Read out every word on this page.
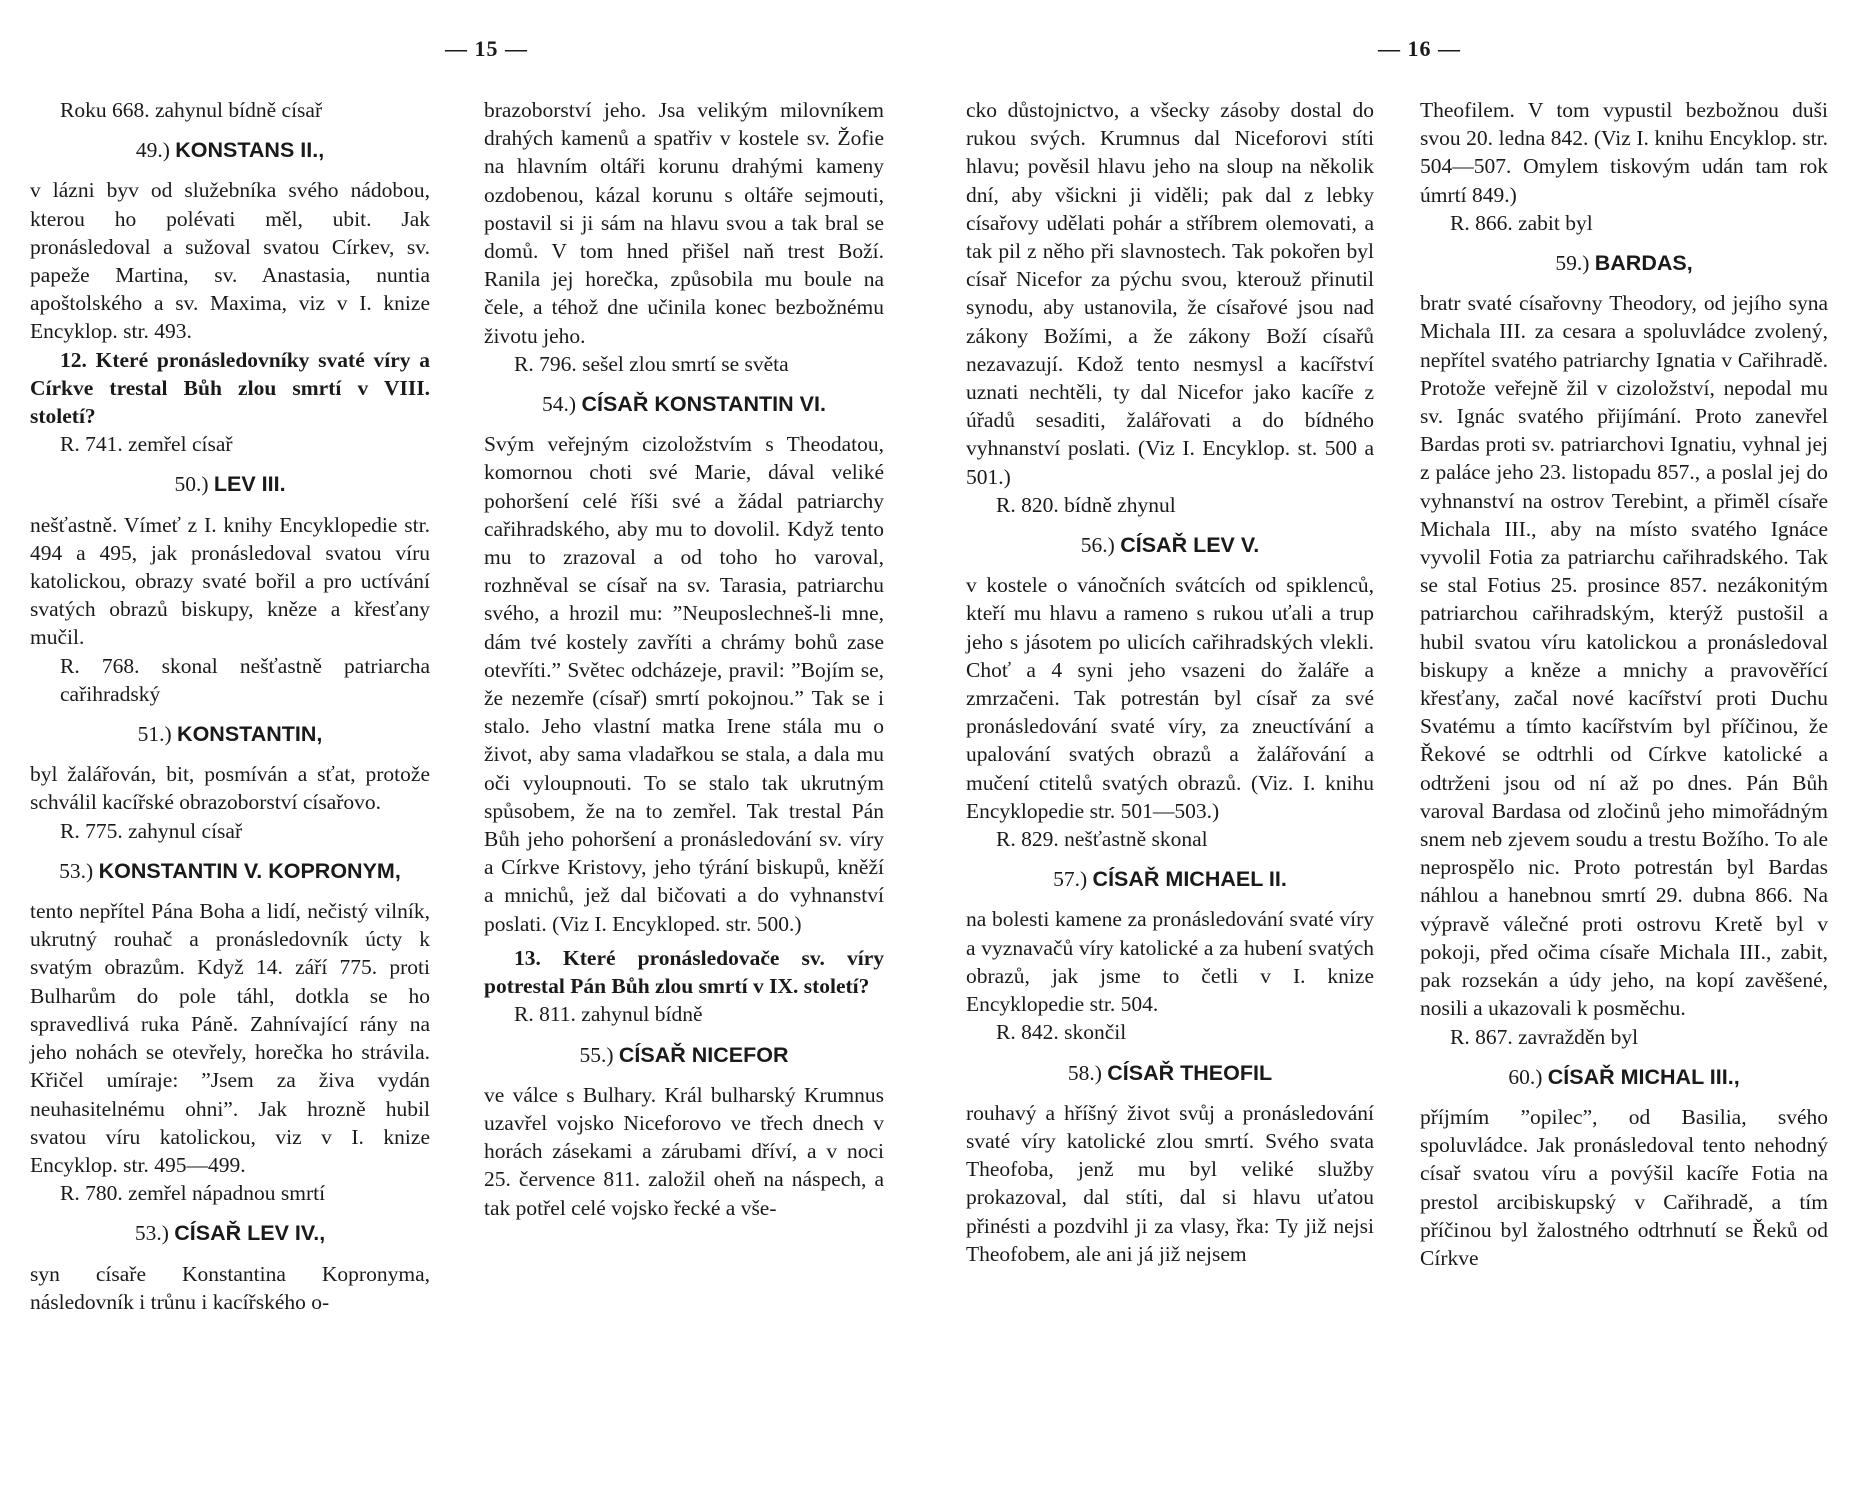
— 15 —	— 16 —

Roku 668. zahynul bídně císař

49.) KONSTANS II.,

v lázni byv od služebníka svého nádobou, kterou ho polévati měl, ubit. Jak pronásledoval a sužoval svatou Církev, sv. papeže Martina, sv. Anastasia, nuntia apoštolského a sv. Maxima, viz v I. knize Encyklop. str. 493.

12. Které pronásledovníky svaté víry a Církve trestal Bůh zlou smrtí v VIII. století?

R. 741. zemřel císař

50.) LEV III.

nešťastně. Vímeť z I. knihy Encyklopedie str. 494 a 495, jak pronásledoval svatou víru katolickou, obrazy svaté bořil a pro uctívání svatých obrazů biskupy, kněze a křesťany mučil.

R. 768. skonal nešťastně patriarcha cařihradský

51.) KONSTANTIN,

byl žalářován, bit, posmíván a sťat, protože schválil kacířské obrazoborství císařovo.

R. 775. zahynul císař

53.) KONSTANTIN V. KOPRONYM,

tento nepřítel Pána Boha a lidí, nečistý vilník, ukrutný rouhač a pronásledovník úcty k svatým obrazům. Když 14. září 775. proti Bulharům do pole táhl, dotkla se ho spravedlivá ruka Páně. Zahnívající rány na jeho nohách se otevřely, horečka ho strávila. Křičel umíraje: ”Jsem za živa vydán neuhasitelnému ohni”. Jak hrozně hubil svatou víru katolickou, viz v I. knize Encyklop. str. 495—499.

R. 780. zemřel nápadnou smrtí

53.) CÍSAŘ LEV IV.,

syn císaře Konstantina Kopronyma, následovník i trůnu i kacířského o-

brazoborství jeho. Jsa velikým milovníkem drahých kamenů a spatřiv v kostele sv. Žofie na hlavním oltáři korunu drahými kameny ozdobenou, kázal korunu s oltáře sejmouti, postavil si ji sám na hlavu svou a tak bral se domů. V tom hned přišel naň trest Boží. Ranila jej horečka, způsobila mu boule na čele, a téhož dne učinila konec bezbožnému životu jeho.

R. 796. sešel zlou smrtí se světa

54.) CÍSAŘ KONSTANTIN VI.

Svým veřejným cizoložstvím s Theodatou, komornou choti své Marie, dával veliké pohoršení celé říši své a žádal patriarchy cařihradského, aby mu to dovolil. Když tento mu to zrazoval a od toho ho varoval, rozhněval se císař na sv. Tarasia, patriarchu svého, a hrozil mu: ”Neuposlechneš-li mne, dám tvé kostely zavříti a chrámy bohů zase otevříti.” Světec odcházeje, pravil: ”Bojím se, že nezemře (císař) smrtí pokojnou.” Tak se i stalo. Jeho vlastní matka Irene stála mu o život, aby sama vladařkou se stala, a dala mu oči vyloupnouti. To se stalo tak ukrutným spůsobem, že na to zemřel. Tak trestal Pán Bůh jeho pohoršení a pronásledování sv. víry a Církve Kristovy, jeho týrání biskupů, kněží a mnichů, jež dal bičovati a do vyhnanství poslati. (Viz I. Encykloped. str. 500.)

13. Které pronásledovače sv. víry potrestal Pán Bůh zlou smrtí v IX. století?

R. 811. zahynul bídně

55.) CÍSAŘ NICEFOR

ve válce s Bulhary. Král bulharský Krumnus uzavřel vojsko Niceforovo ve třech dnech v horách zásekami a zárubami dříví, a v noci 25. července 811. založil oheň na náspech, a tak potřel celé vojsko řecké a vše-

cko důstojnictvo, a všecky zásoby dostal do rukou svých. Krumnus dal Niceforovi stíti hlavu; pověsil hlavu jeho na sloup na několik dní, aby všickni ji viděli; pak dal z lebky císařovy udělati pohár a stříbrem olemovati, a tak pil z něho při slavnostech. Tak pokořen byl císař Nicefor za pýchu svou, kterouž přinutil synodu, aby ustanovila, že císařové jsou nad zákony Božími, a že zákony Boží císařů nezavazují. Kdož tento nesmysl a kacířství uznati nechtěli, ty dal Nicefor jako kacíře z úřadů sesaditi, žalářovati a do bídného vyhnanství poslati. (Viz I. Encyklop. st. 500 a 501.)

R. 820. bídně zhynul

56.) CÍSAŘ LEV V.

v kostele o vánočních svátcích od spiklenců, kteří mu hlavu a rameno s rukou uťali a trup jeho s jásotem po ulicích cařihradských vlekli. Choť a 4 syni jeho vsazeni do žaláře a zmrzačeni. Tak potrestán byl císař za své pronásledování svaté víry, za zneuctívání a upalování svatých obrazů a žalářování a mučení ctitelů svatých obrazů. (Viz. I. knihu Encyklopedie str. 501—503.)

R. 829. nešťastně skonal

57.) CÍSAŘ MICHAEL II.

na bolesti kamene za pronásledování svaté víry a vyznavačů víry katolické a za hubení svatých obrazů, jak jsme to četli v I. knize Encyklopedie str. 504.

R. 842. skončil

58.) CÍSAŘ THEOFIL

rouhavý a hříšný život svůj a pronásledování svaté víry katolické zlou smrtí. Svého svata Theofoba, jenž mu byl veliké služby prokazoval, dal stíti, dal si hlavu uťatou přinésti a pozdvihl ji za vlasy, řka: Ty již nejsi Theofobem, ale ani já již nejsem

Theofilem. V tom vypustil bezbožnou duši svou 20. ledna 842. (Viz I. knihu Encyklop. str. 504—507. Omylem tiskovým udán tam rok úmrtí 849.)

R. 866. zabit byl

59.) BARDAS,

bratr svaté císařovny Theodory, od jejího syna Michala III. za cesara a spoluvládce zvolený, nepřítel svatého patriarchy Ignatia v Cařihradě. Protože veřejně žil v cizoložství, nepodal mu sv. Ignác svatého přijímání. Proto zanevřel Bardas proti sv. patriarchovi Ignatiu, vyhnal jej z paláce jeho 23. listopadu 857., a poslal jej do vyhnanství na ostrov Terebint, a přiměl císaře Michala III., aby na místo svatého Ignáce vyvolil Fotia za patriarchu cařihradského. Tak se stal Fotius 25. prosince 857. nezákonitým patriarchou cařihradským, kterýž pustošil a hubil svatou víru katolickou a pronásledoval biskupy a kněze a mnichy a pravověřící křesťany, začal nové kacířství proti Duchu Svatému a tímto kacířstvím byl příčinou, že Řekové se odtrhli od Církve katolické a odtrženi jsou od ní až po dnes. Pán Bůh varoval Bardasa od zločinů jeho mimořádným snem neb zjevem soudu a trestu Božího. To ale neprospělo nic. Proto potrestán byl Bardas náhlou a hanebnou smrtí 29. dubna 866. Na výpravě válečné proti ostrovu Kretě byl v pokoji, před očima císaře Michala III., zabit, pak rozsekán a údy jeho, na kopí zavěšené, nosili a ukazovali k posměchu.

R. 867. zavražděn byl

60.) CÍSAŘ MICHAL III.,

příjmím ”opilec”, od Basilia, svého spoluvládce. Jak pronásledoval tento nehodný císař svatou víru a povýšil kacíře Fotia na prestol arcibiskupský v Cařihradě, a tím příčinou byl žalostného odtrhnutí se Řeků od Církve
